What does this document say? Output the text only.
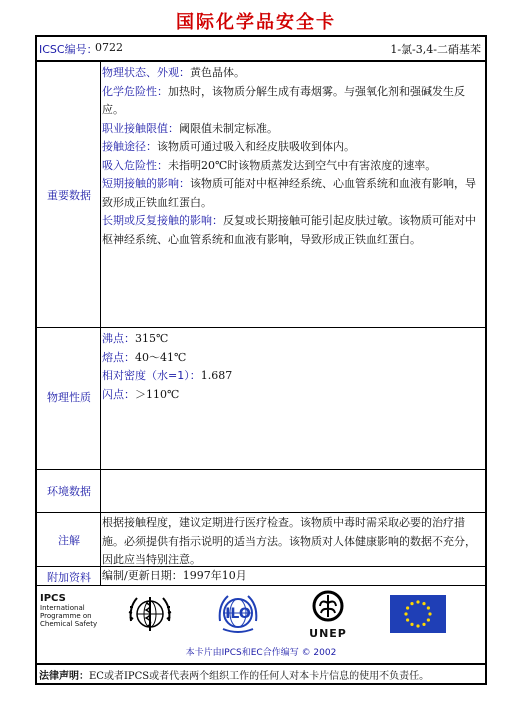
国际化学品安全卡
ICSC编号：
0722	1-氯-3,4-二硝基苯
重要数据
物理状态、外观：黄色晶体。
化学危险性：加热时，该物质分解生成有毒烟雾。与强氧化剂和强碱发生反应。
职业接触限值：阈限值未制定标准。
接触途径：该物质可通过吸入和经皮肤吸收到体内。
吸入危险性：未指明20℃时该物质蒸发达到空气中有害浓度的速率。
短期接触的影响：该物质可能对中枢神经系统、心血管系统和血液有影响，导致形成正铁血红蛋白。
长期或反复接触的影响：反复或长期接触可能引起皮肤过敏。该物质可能对中枢神经系统、心血管系统和血液有影响，导致形成正铁血红蛋白。
物理性质
沸点：315℃
熔点：40～41℃
相对密度（水=1）：1.687
闪点：＞110℃
环境数据
注解
根据接触程度，建议定期进行医疗检查。该物质中毒时需采取必要的治疗措施。必须提供有指示说明的适当方法。该物质对人体健康影响的数据不充分，因此应当特别注意。
附加资料	编制/更新日期：1997年10月
IPCS
International
Programme on
Chemical Safety
ILO
UNEP
本卡片由IPCS和EC合作编写 © 2002
法律声明：EC或者IPCS或者代表两个组织工作的任何人对本卡片信息的使用不负责任。
